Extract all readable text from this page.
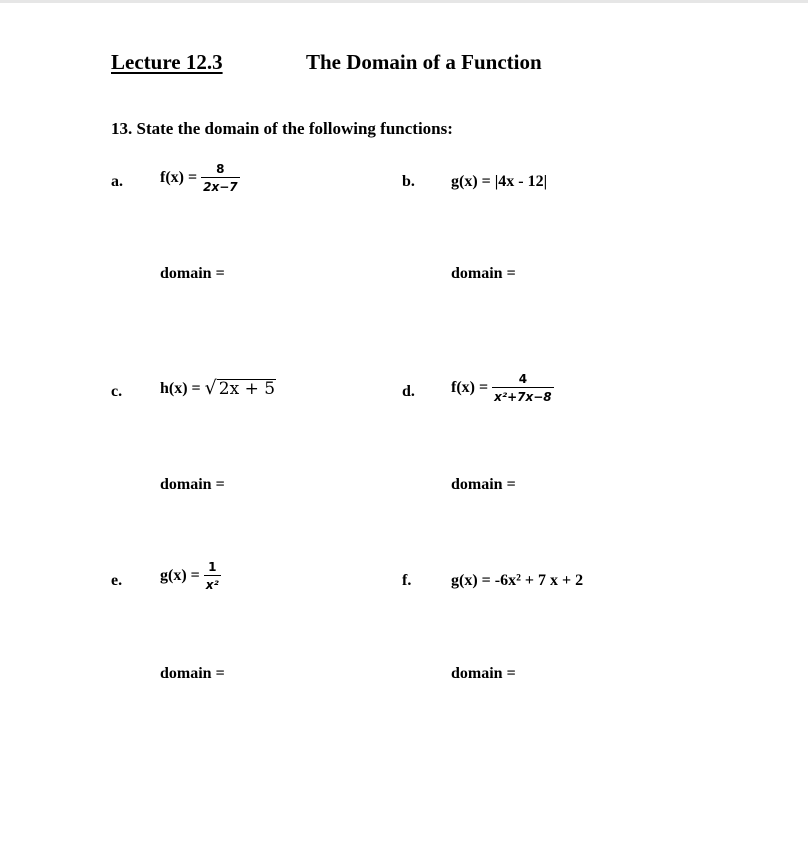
Lecture 12.3	The Domain of a Function
13. State the domain of the following functions:
a. $f(x) = \frac{8}{2x-7}$
domain =
b. g(x) = |4x - 12|
domain =
c. h(x) = √ 2x + 5
domain =
d. $f(x) = \frac{4}{\text{x²+7x−8}}$
domain =
e. $g(x) = \frac{1}{\text{x²}}$
domain =
f. g(x) = -6x² + 7 x + 2
domain =
